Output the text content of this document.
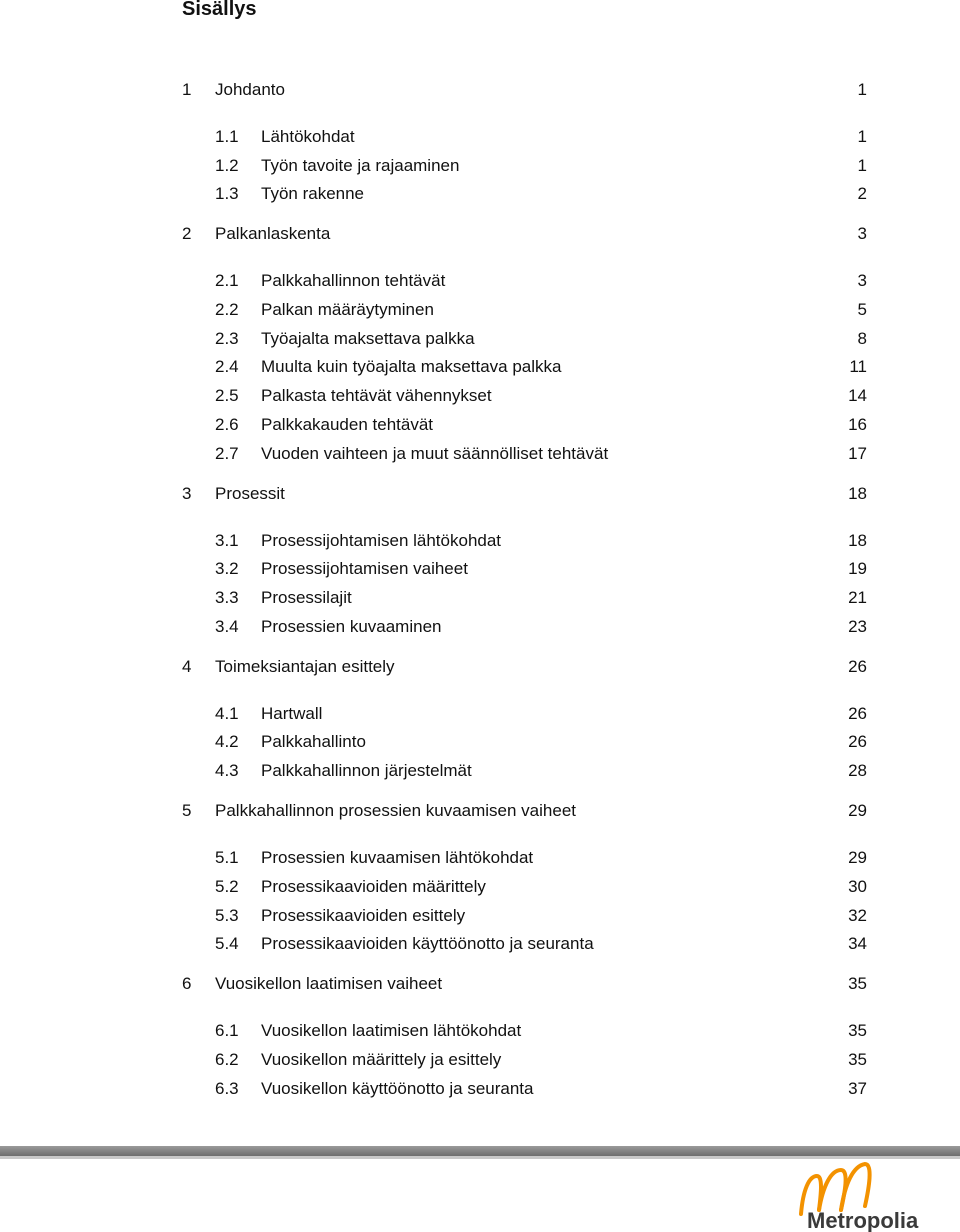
Sisällys
1 Johdanto	1
1.1 Lähtökohdat	1
1.2 Työn tavoite ja rajaaminen	1
1.3 Työn rakenne	2
2 Palkanlaskenta	3
2.1 Palkkahallinnon tehtävät	3
2.2 Palkan määräytyminen	5
2.3 Työajalta maksettava palkka	8
2.4 Muulta kuin työajalta maksettava palkka	11
2.5 Palkasta tehtävät vähennykset	14
2.6 Palkkakauden tehtävät	16
2.7 Vuoden vaihteen ja muut säännölliset tehtävät	17
3 Prosessit	18
3.1 Prosessijohtamisen lähtökohdat	18
3.2 Prosessijohtamisen vaiheet	19
3.3 Prosessilajit	21
3.4 Prosessien kuvaaminen	23
4 Toimeksiantajan esittely	26
4.1 Hartwall	26
4.2 Palkkahallinto	26
4.3 Palkkahallinnon järjestelmät	28
5 Palkkahallinnon prosessien kuvaamisen vaiheet	29
5.1 Prosessien kuvaamisen lähtökohdat	29
5.2 Prosessikaavioiden määrittely	30
5.3 Prosessikaavioiden esittely	32
5.4 Prosessikaavioiden käyttöönotto ja seuranta	34
6 Vuosikellon laatimisen vaiheet	35
6.1 Vuosikellon laatimisen lähtökohdat	35
6.2 Vuosikellon määrittely ja esittely	35
6.3 Vuosikellon käyttöönotto ja seuranta	37
Metropolia
